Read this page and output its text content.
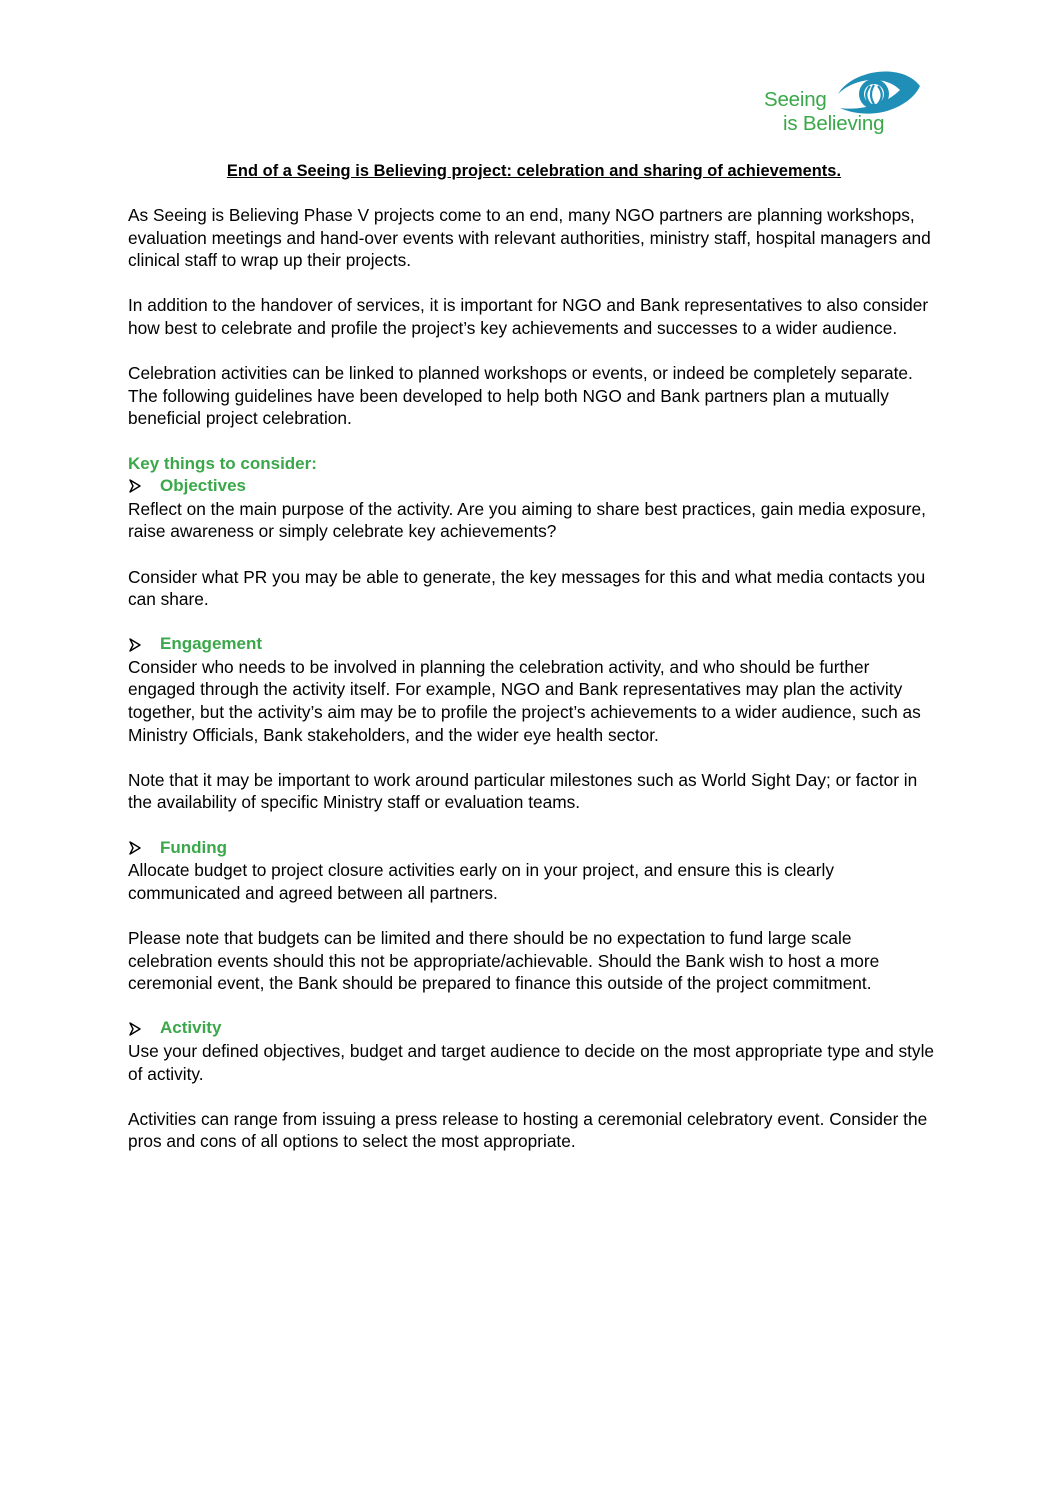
Seeing
is Believing
End of a Seeing is Believing project: celebration and sharing of achievements.

As Seeing is Believing Phase V projects come to an end, many NGO partners are planning workshops, evaluation meetings and hand-over events with relevant authorities, ministry staff, hospital managers and clinical staff to wrap up their projects.

In addition to the handover of services, it is important for NGO and Bank representatives to also consider how best to celebrate and profile the project’s key achievements and successes to a wider audience.

Celebration activities can be linked to planned workshops or events, or indeed be completely separate. The following guidelines have been developed to help both NGO and Bank partners plan a mutually beneficial project celebration.

Key things to consider:
Objectives

Reflect on the main purpose of the activity. Are you aiming to share best practices, gain media exposure, raise awareness or simply celebrate key achievements?

Consider what PR you may be able to generate, the key messages for this and what media contacts you can share.

Engagement

Consider who needs to be involved in planning the celebration activity, and who should be further engaged through the activity itself. For example, NGO and Bank representatives may plan the activity together, but the activity’s aim may be to profile the project’s achievements to a wider audience, such as Ministry Officials, Bank stakeholders, and the wider eye health sector.

Note that it may be important to work around particular milestones such as World Sight Day; or factor in the availability of specific Ministry staff or evaluation teams.

Funding

Allocate budget to project closure activities early on in your project, and ensure this is clearly communicated and agreed between all partners.

Please note that budgets can be limited and there should be no expectation to fund large scale celebration events should this not be appropriate/achievable. Should the Bank wish to host a more ceremonial event, the Bank should be prepared to finance this outside of the project commitment.

Activity

Use your defined objectives, budget and target audience to decide on the most appropriate type and style of activity.

Activities can range from issuing a press release to hosting a ceremonial celebratory event. Consider the pros and cons of all options to select the most appropriate.
